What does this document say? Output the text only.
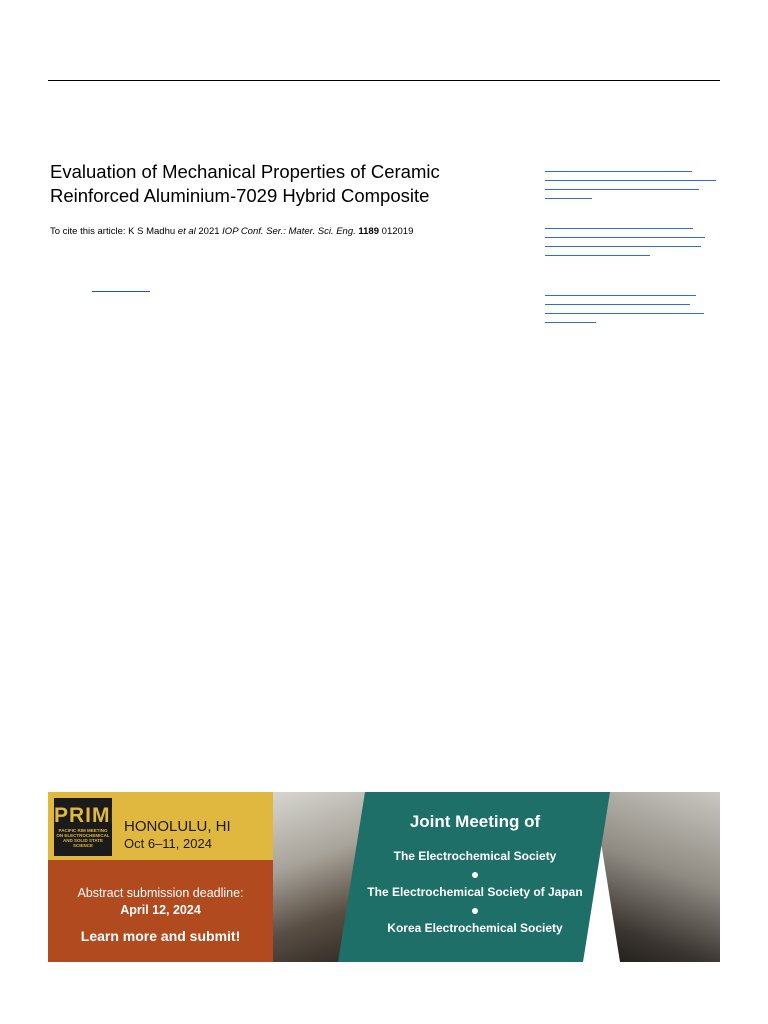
Evaluation of Mechanical Properties of Ceramic
Reinforced Aluminium-7029 Hybrid Composite
To cite this article: K S Madhu et al 2021 IOP Conf. Ser.: Mater. Sci. Eng. 1189 012019
PRIME
PACIFIC RIM MEETING
ON ELECTROCHEMICAL AND SOLID STATE SCIENCE
HONOLULU, HI
Oct 6–11, 2024
Abstract submission deadline:
April 12, 2024
Learn more and submit!
Joint Meeting of
The Electrochemical Society
The Electrochemical Society of Japan
Korea Electrochemical Society
